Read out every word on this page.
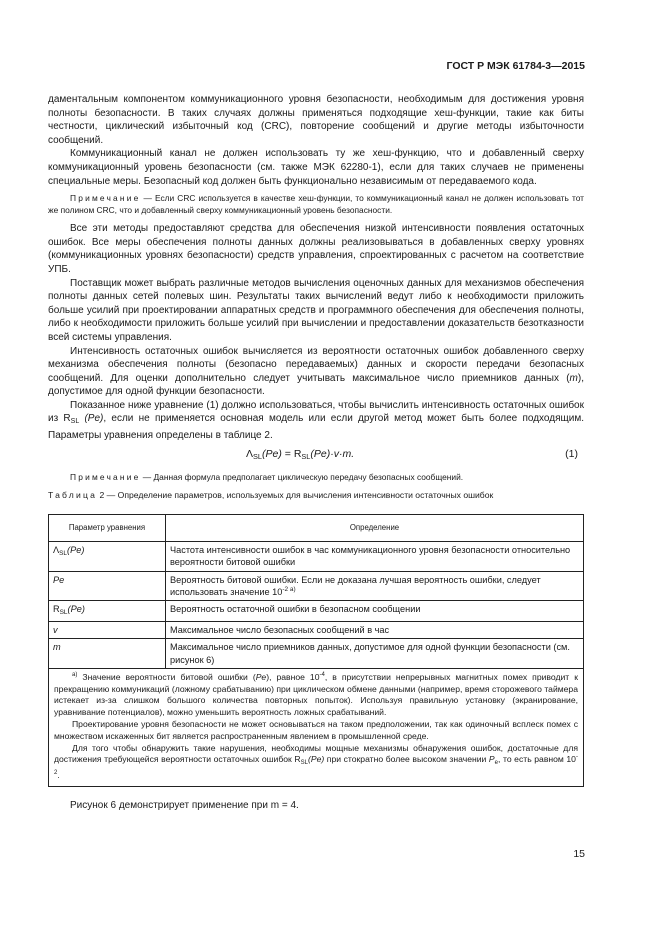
ГОСТ Р МЭК 61784-3—2015

даментальным компонентом коммуникационного уровня безопасности, необходимым для достижения уровня полноты безопасности. В таких случаях должны применяться подходящие хеш-функции, такие как биты честности, циклический избыточный код (CRC), повторение сообщений и другие методы избыточности сообщений.

Коммуникационный канал не должен использовать ту же хеш-функцию, что и добавленный сверху коммуникационный уровень безопасности (см. также МЭК 62280-1), если для таких случаев не применены специальные меры. Безопасный код должен быть функционально независимым от передаваемого кода.

Примечание — Если CRC используется в качестве хеш-функции, то коммуникационный канал не должен использовать тот же полином CRC, что и добавленный сверху коммуникационный уровень безопасности.

Все эти методы предоставляют средства для обеспечения низкой интенсивности появления остаточных ошибок. Все меры обеспечения полноты данных должны реализовываться в добавленных сверху уровнях (коммуникационных уровнях безопасности) средств управления, спроектированных с расчетом на соответствие УПБ.

Поставщик может выбрать различные методов вычисления оценочных данных для механизмов обеспечения полноты данных сетей полевых шин. Результаты таких вычислений ведут либо к необходимости приложить больше усилий при проектировании аппаратных средств и программного обеспечения для обеспечения полноты, либо к необходимости приложить больше усилий при вычислении и предоставлении доказательств безотказности всей системы управления.

Интенсивность остаточных ошибок вычисляется из вероятности остаточных ошибок добавленного сверху механизма обеспечения полноты (безопасно передаваемых) данных и скорости передачи безопасных сообщений. Для оценки дополнительно следует учитывать максимальное число приемников данных (m), допустимое для одной функции безопасности.

Показанное ниже уравнение (1) должно использоваться, чтобы вычислить интенсивность остаточных ошибок из $R_{SL}$ (Pe), если не применяется основная модель или если другой метод может быть более подходящим. Параметры уравнения определены в таблице 2.

$\Lambda_{SL}(Pe) = R_{SL}(Pe)\cdot v\cdot m$.	(1)

Примечание — Данная формула предполагает циклическую передачу безопасных сообщений.

Таблица 2 — Определение параметров, используемых для вычисления интенсивности остаточных ошибок
Параметр уравнения	Определение
$\Lambda_{SL}(Pe)$	Частота интенсивности ошибок в час коммуникационного уровня безопасности относительно вероятности битовой ошибки
Pe	Вероятность битовой ошибки. Если не доказана лучшая вероятность ошибки, следует использовать значение $10^{-2 a)}$
$R_{SL}(Pe)$	Вероятность остаточной ошибки в безопасном сообщении
v	Максимальное число безопасных сообщений в час
m	Максимальное число приемников данных, допустимое для одной функции безопасности (см. рисунок 6)

$^{a)}$ Значение вероятности битовой ошибки (Pe), равное $10^{-4}$, в присутствии непрерывных магнитных помех приводит к прекращению коммуникаций (ложному срабатыванию) при циклическом обмене данными (например, время сторожевого таймера истекает из-за слишком большого количества повторных попыток). Используя правильную установку (экранирование, уравнивание потенциалов), можно уменьшить вероятность ложных срабатываний.

Проектирование уровня безопасности не может основываться на таком предположении, так как одиночный всплеск помех с множеством искаженных бит является распространенным явлением в промышленной среде.

Для того чтобы обнаружить такие нарушения, необходимы мощные механизмы обнаружения ошибок, достаточные для достижения требующейся вероятности остаточных ошибок $R_{SL}(Pe)$ при стократно более высоком значении $P_e$, то есть равном $10^{-2}$.	

Рисунок 6 демонстрирует применение при m = 4.

15
